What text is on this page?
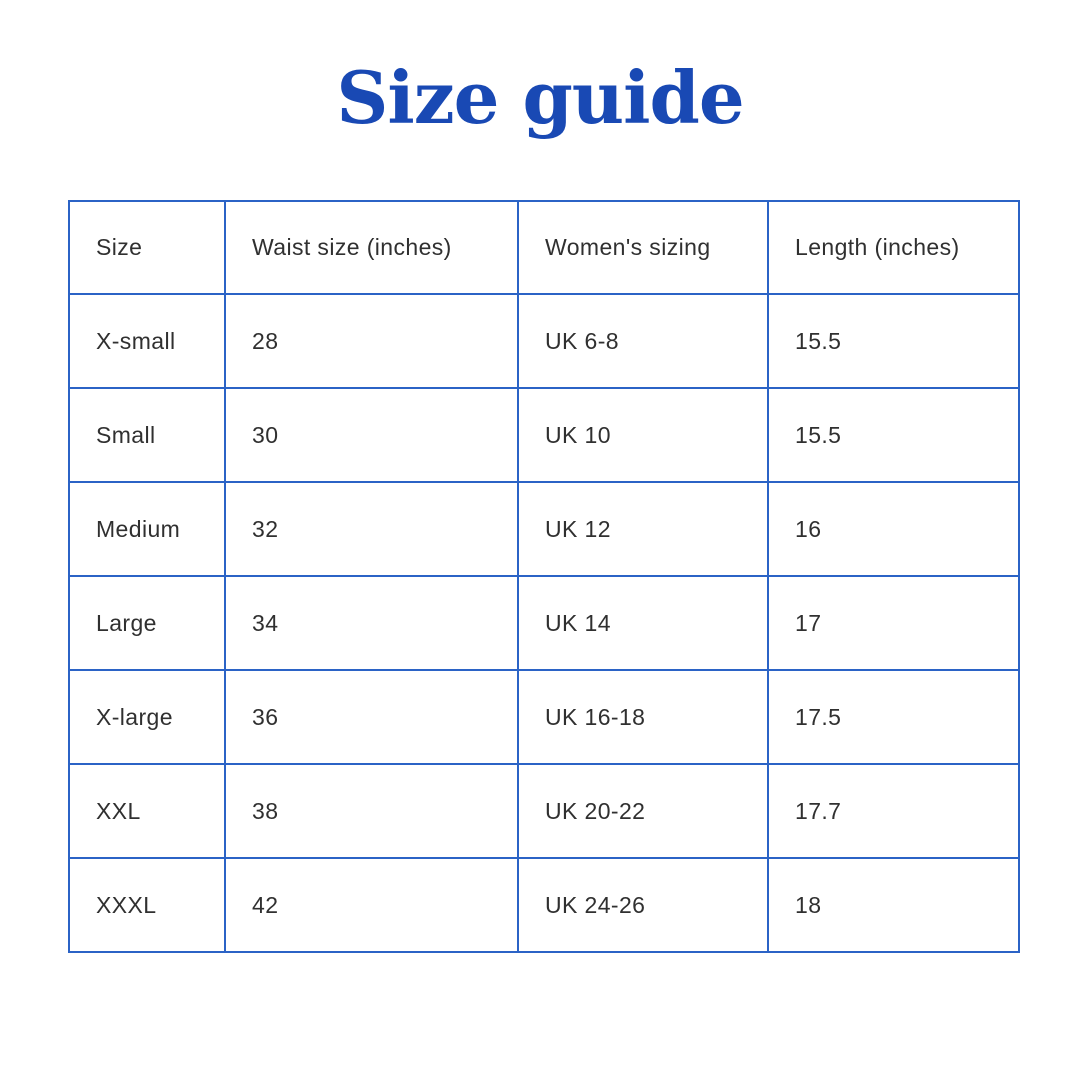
Size guide
Size	Waist size (inches)	Women's sizing	Length (inches)
X-small	28	UK 6-8	15.5
Small	30	UK 10	15.5
Medium	32	UK 12	16
Large	34	UK 14	17
X-large	36	UK 16-18	17.5
XXL	38	UK 20-22	17.7
XXXL	42	UK 24-26	18
